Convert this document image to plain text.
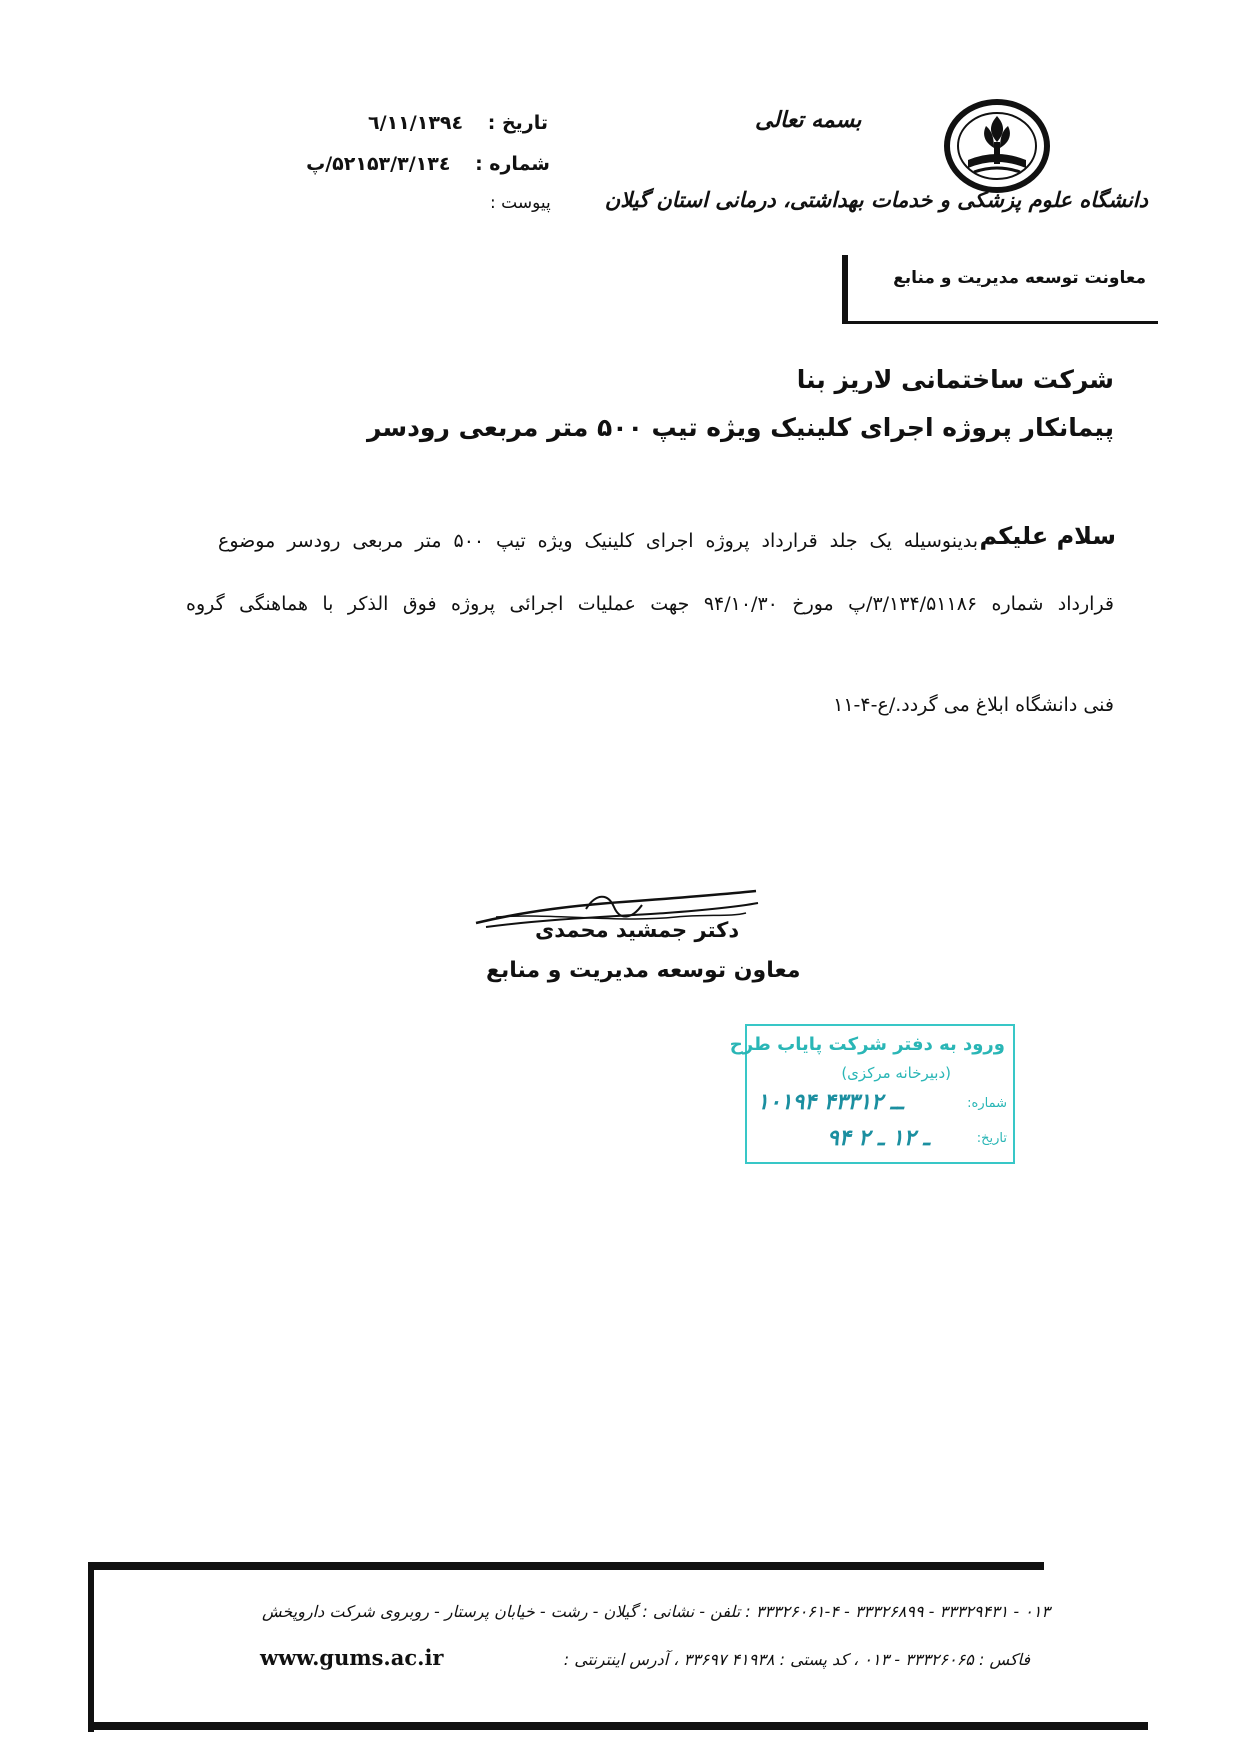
تاریخ : ۱۳۹٤/۱۱/٦
شماره : ۳/۱۳٤/۵۲۱۵۳/پ
پیوست :
بسمه تعالی
دانشگاه علوم پزشکی و خدمات بهداشتی، درمانی استان گیلان
معاونت توسعه مدیریت و منابع
شرکت ساختمانی لاریز بنا
پیمانکار پروژه اجرای کلینیک ویژه تیپ ۵۰۰ متر مربعی رودسر
سلام علیکم
بدینوسیله یک جلد قرارداد پروژه اجرای کلینیک ویژه تیپ ۵۰۰ متر مربعی رودسر موضوع
قرارداد شماره ۳/۱۳۴/۵۱۱۸۶/پ مورخ ۹۴/۱۰/۳۰ جهت عملیات اجرائی پروژه فوق الذکر با هماهنگی گروه
فنی دانشگاه ابلاغ می گردد./ع-۴-۱۱
دکتر جمشید محمدی
معاون توسعه مدیریت و منابع
ورود به دفتر شرکت پایاب طرح
(دبیرخانه مرکزی)
شماره:
۱۰۱۹۴ ــ ۴۳۳۱۲
تاریخ:
۹۴ ـ ۱۲ ـ ۲
۰۱۳ - ۳۳۳۲۹۴۳۱ - ۳۳۳۲۶۸۹۹ - ۳۳۳۲۶۰۶۱-۴ : تلفن - نشانی : گیلان - رشت - خیابان پرستار - روبروی شرکت داروپخش
فاکس : ۳۳۳۲۶۰۶۵ - ۰۱۳ ، کد پستی : ۴۱۹۳۸ ۳۳۶۹۷ ، آدرس اینترنتی :
www.gums.ac.ir
